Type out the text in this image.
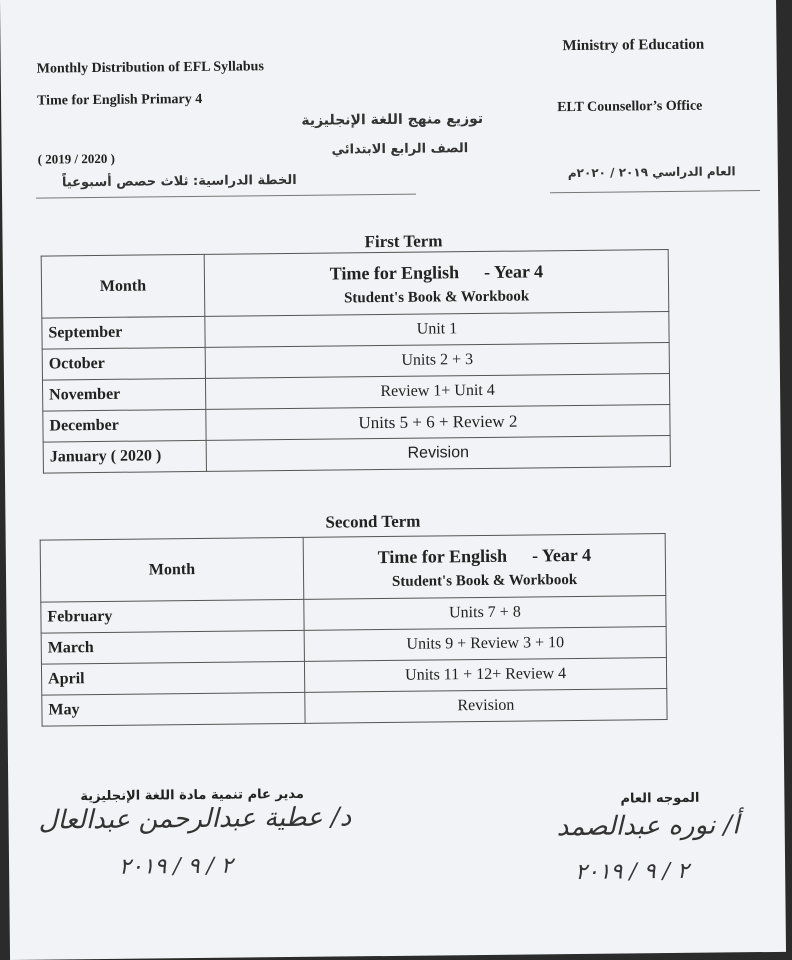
Monthly Distribution of EFL Syllabus
Time for English Primary 4
( 2019 / 2020 )
الخطة الدراسية: ثلاث حصص أسبوعياً
توزيع منهج اللغة الإنجليزية
الصف الرابع الابتدائي
Ministry of Education
ELT Counsellor’s Office
العام الدراسي ٢٠١٩ / ٢٠٢٠م
First Term
Month	Time for English - Year 4
Student's Book & Workbook

September	Unit 1
October	Units 2 + 3
November	Review 1+ Unit 4
December	Units 5 + 6 + Review 2
January ( 2020 )	Revision
Second Term
Month	Time for English - Year 4
Student's Book & Workbook

February	Units 7 + 8
March	Units 9 + Review 3 + 10
April	Units 11 + 12+ Review 4
May	Revision
مدير عام تنمية مادة اللغة الإنجليزية
د/ عطية عبدالرحمن عبدالعال
٢ / ٩ / ٢٠١٩
الموجه العام
أ/ نوره عبدالصمد
٢ / ٩ / ٢٠١٩
